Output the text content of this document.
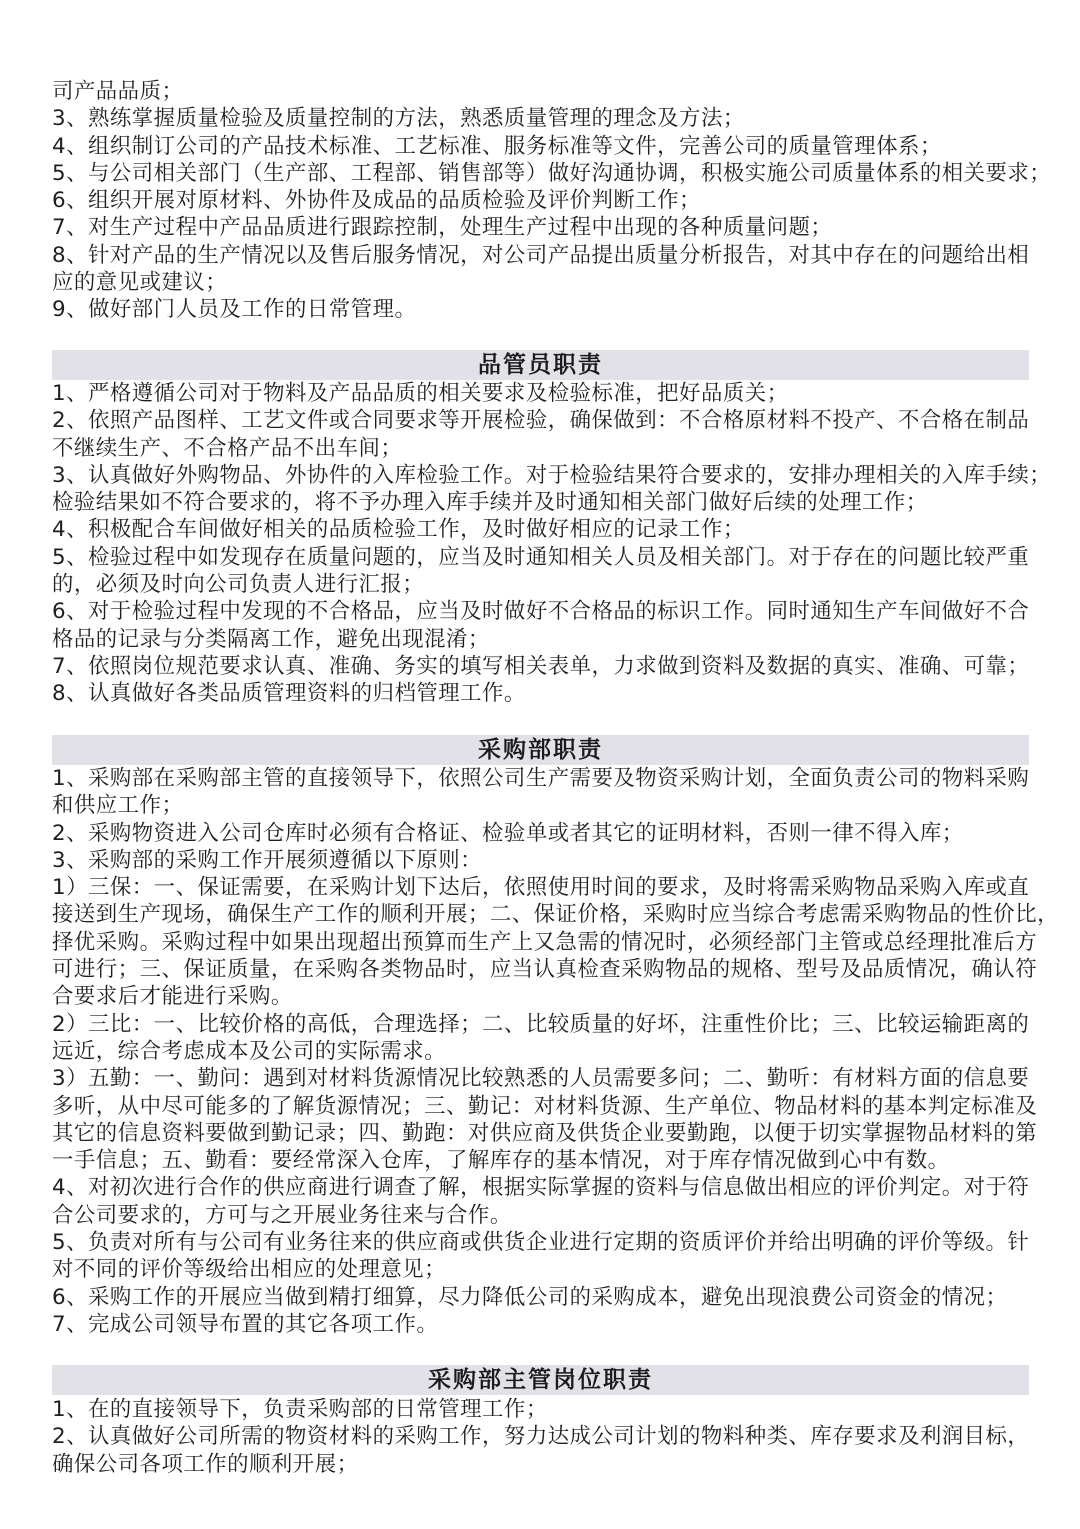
司产品品质；
3、熟练掌握质量检验及质量控制的方法，熟悉质量管理的理念及方法；
4、组织制订公司的产品技术标准、工艺标准、服务标准等文件，完善公司的质量管理体系；
5、与公司相关部门（生产部、工程部、销售部等）做好沟通协调，积极实施公司质量体系的相关要求；
6、组织开展对原材料、外协件及成品的品质检验及评价判断工作；
7、对生产过程中产品品质进行跟踪控制，处理生产过程中出现的各种质量问题；
8、针对产品的生产情况以及售后服务情况，对公司产品提出质量分析报告，对其中存在的问题给出相
应的意见或建议；
9、做好部门人员及工作的日常管理。
品管员职责
1、严格遵循公司对于物料及产品品质的相关要求及检验标准，把好品质关；
2、依照产品图样、工艺文件或合同要求等开展检验，确保做到：不合格原材料不投产、不合格在制品
不继续生产、不合格产品不出车间；
3、认真做好外购物品、外协件的入库检验工作。对于检验结果符合要求的，安排办理相关的入库手续；
检验结果如不符合要求的，将不予办理入库手续并及时通知相关部门做好后续的处理工作；
4、积极配合车间做好相关的品质检验工作，及时做好相应的记录工作；
5、检验过程中如发现存在质量问题的，应当及时通知相关人员及相关部门。对于存在的问题比较严重
的，必须及时向公司负责人进行汇报；
6、对于检验过程中发现的不合格品，应当及时做好不合格品的标识工作。同时通知生产车间做好不合
格品的记录与分类隔离工作，避免出现混淆；
7、依照岗位规范要求认真、准确、务实的填写相关表单，力求做到资料及数据的真实、准确、可靠；
8、认真做好各类品质管理资料的归档管理工作。
采购部职责
1、采购部在采购部主管的直接领导下，依照公司生产需要及物资采购计划，全面负责公司的物料采购
和供应工作；
2、采购物资进入公司仓库时必须有合格证、检验单或者其它的证明材料，否则一律不得入库；
3、采购部的采购工作开展须遵循以下原则：
1）三保：一、保证需要，在采购计划下达后，依照使用时间的要求，及时将需采购物品采购入库或直
接送到生产现场，确保生产工作的顺利开展；二、保证价格，采购时应当综合考虑需采购物品的性价比，
择优采购。采购过程中如果出现超出预算而生产上又急需的情况时，必须经部门主管或总经理批准后方
可进行；三、保证质量，在采购各类物品时，应当认真检查采购物品的规格、型号及品质情况，确认符
合要求后才能进行采购。
2）三比：一、比较价格的高低，合理选择；二、比较质量的好坏，注重性价比；三、比较运输距离的
远近，综合考虑成本及公司的实际需求。
3）五勤：一、勤问：遇到对材料货源情况比较熟悉的人员需要多问；二、勤听：有材料方面的信息要
多听，从中尽可能多的了解货源情况；三、勤记：对材料货源、生产单位、物品材料的基本判定标准及
其它的信息资料要做到勤记录；四、勤跑：对供应商及供货企业要勤跑，以便于切实掌握物品材料的第
一手信息；五、勤看：要经常深入仓库，了解库存的基本情况，对于库存情况做到心中有数。
4、对初次进行合作的供应商进行调查了解，根据实际掌握的资料与信息做出相应的评价判定。对于符
合公司要求的，方可与之开展业务往来与合作。
5、负责对所有与公司有业务往来的供应商或供货企业进行定期的资质评价并给出明确的评价等级。针
对不同的评价等级给出相应的处理意见；
6、采购工作的开展应当做到精打细算，尽力降低公司的采购成本，避免出现浪费公司资金的情况；
7、完成公司领导布置的其它各项工作。
采购部主管岗位职责
1、在的直接领导下，负责采购部的日常管理工作；
2、认真做好公司所需的物资材料的采购工作，努力达成公司计划的物料种类、库存要求及利润目标，
确保公司各项工作的顺利开展；
